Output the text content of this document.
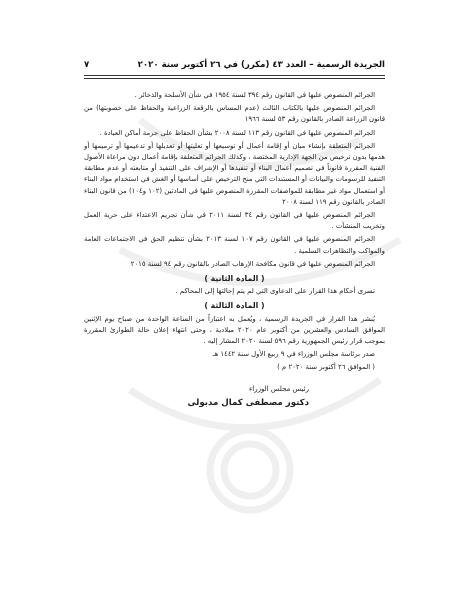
الجريدة الرسمية – العدد ٤٣ (مكرر) في ٢٦ أكتوبر سنة ٢٠٢٠
٧

الجرائم المنصوص عليها في القانون رقم ٣٩٤ لسنة ١٩٥٤ في شأن الأسلحة والذخائر .

الجرائم المنصوص عليها بالكتاب الثالث (عدم المساس بالرقعة الزراعية والحفاظ على خصوبتها) من قانون الزراعة الصادر بالقانون رقم ٥٣ لسنة ١٩٦٦

الجرائم المنصوص عليها في القانون رقم ١١٣ لسنة ٢٠٠٨ بشأن الحفاظ على حرمة أماكن العبادة .

الجرائم المتعلقة بإنشاء مبان أو إقامة أعمال أو توسيعها أو تعليتها أو تعديلها أو تدعيمها أو ترميمها أو هدمها بدون ترخيص من الجهة الإدارية المختصة ، وكذلك الجرائم المتعلقة بإقامة أعمال دون مراعاة الأصول الفنية المقررة قانوناً في تصميم أعمال البناء أو تنفيذها أو الإشراف على التنفيذ أو متابعته أو عدم مطابقة التنفيذ للرسومات والبيانات أو المستندات التي منح الترخيص على أساسها أو الغش في استخدام مواد البناء أو استعمال مواد غير مطابقة للمواصفات المقررة المنصوص عليها في المادتين (١٠٢ و١٠٤) من قانون البناء الصادر بالقانون رقم ١١٩ لسنة ٢٠٠٨

الجرائم المنصوص عليها في القانون رقم ٣٤ لسنة ٢٠١١ في شأن تجريم الاعتداء على حرية العمل وتخريب المنشآت .

الجرائم المنصوص عليها في القانون رقم ١٠٧ لسنة ٢٠١٣ بشأن تنظيم الحق في الاجتماعات العامة والمواكب والتظاهرات السلمية .

الجرائم المنصوص عليها في قانون مكافحة الإرهاب الصادر بالقانون رقم ٩٤ لسنة ٢٠١٥

( المادة الثانية )

تسرى أحكام هذا القرار على الدعاوى التي لم يتم إحالتها إلى المحاكم .

( المادة الثالثة )

يُنشر هذا القرار في الجريدة الرسمية ، ويُعمل به اعتباراً من الساعة الواحدة من صباح يوم الإثنين الموافق السادس والعشرين من أكتوبر عام ٢٠٢٠ ميلادية ، وحتى انتهاء إعلان حالة الطوارئ المقررة بموجب قرار رئيس الجمهورية رقم ٥٩٦ لسنة ٢٠٢٠ المشار إليه .

صدر برئاسة مجلس الوزراء في ٩ ربيع الأول سنة ١٤٤٢ هـ

( الموافق ٢٦ أكتوبر سنة ٢٠٢٠ م )

رئيس مجلس الوزراء
دكتور مصطفى كمال مدبولى
